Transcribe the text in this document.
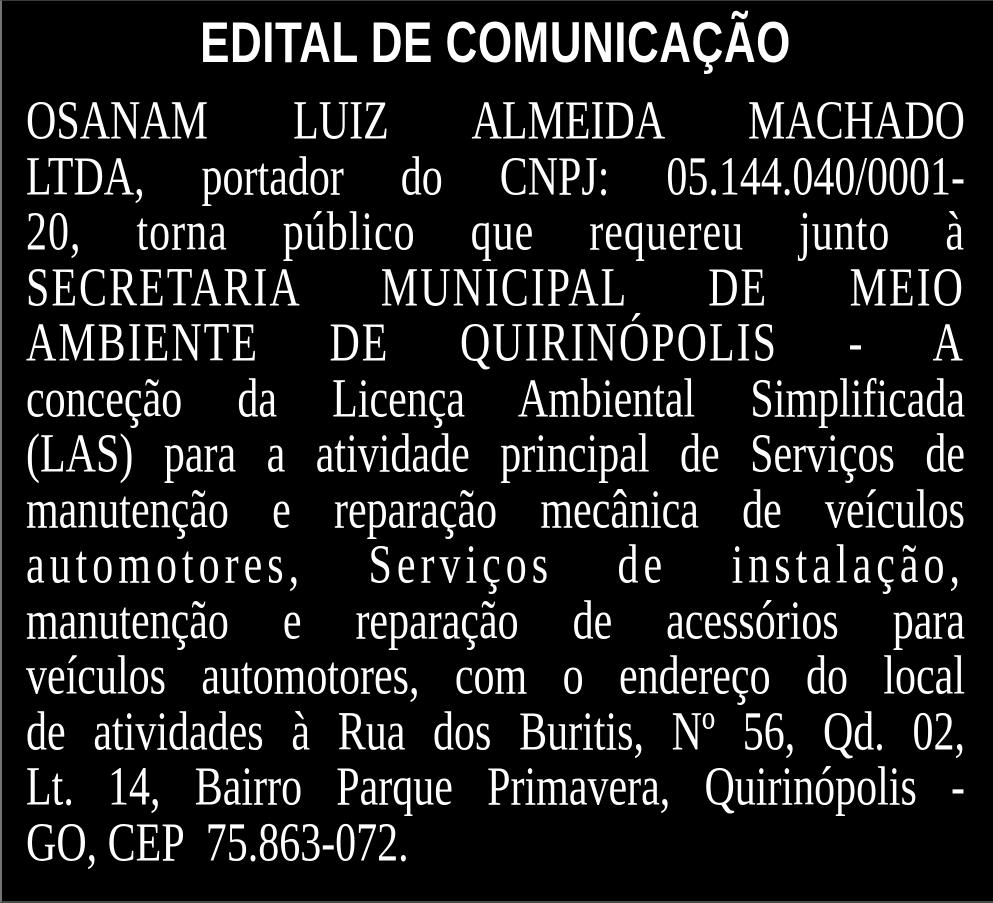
EDITAL DE COMUNICAÇÃO
OSANAM LUIZ ALMEIDA MACHADO
LTDA, portador do CNPJ: 05.144.040/0001-
20, torna público que requereu junto à
SECRETARIA MUNICIPAL DE MEIO
AMBIENTE DE QUIRINÓPOLIS - A
conceção da Licença Ambiental Simplificada
(LAS) para a atividade principal de Serviços de
manutenção e reparação mecânica de veículos
automotores, Serviços de instalação,
manutenção e reparação de acessórios para
veículos automotores, com o endereço do local
de atividades à Rua dos Buritis, Nº 56, Qd. 02,
Lt. 14, Bairro Parque Primavera, Quirinópolis -
GO, CEP  75.863-072.
